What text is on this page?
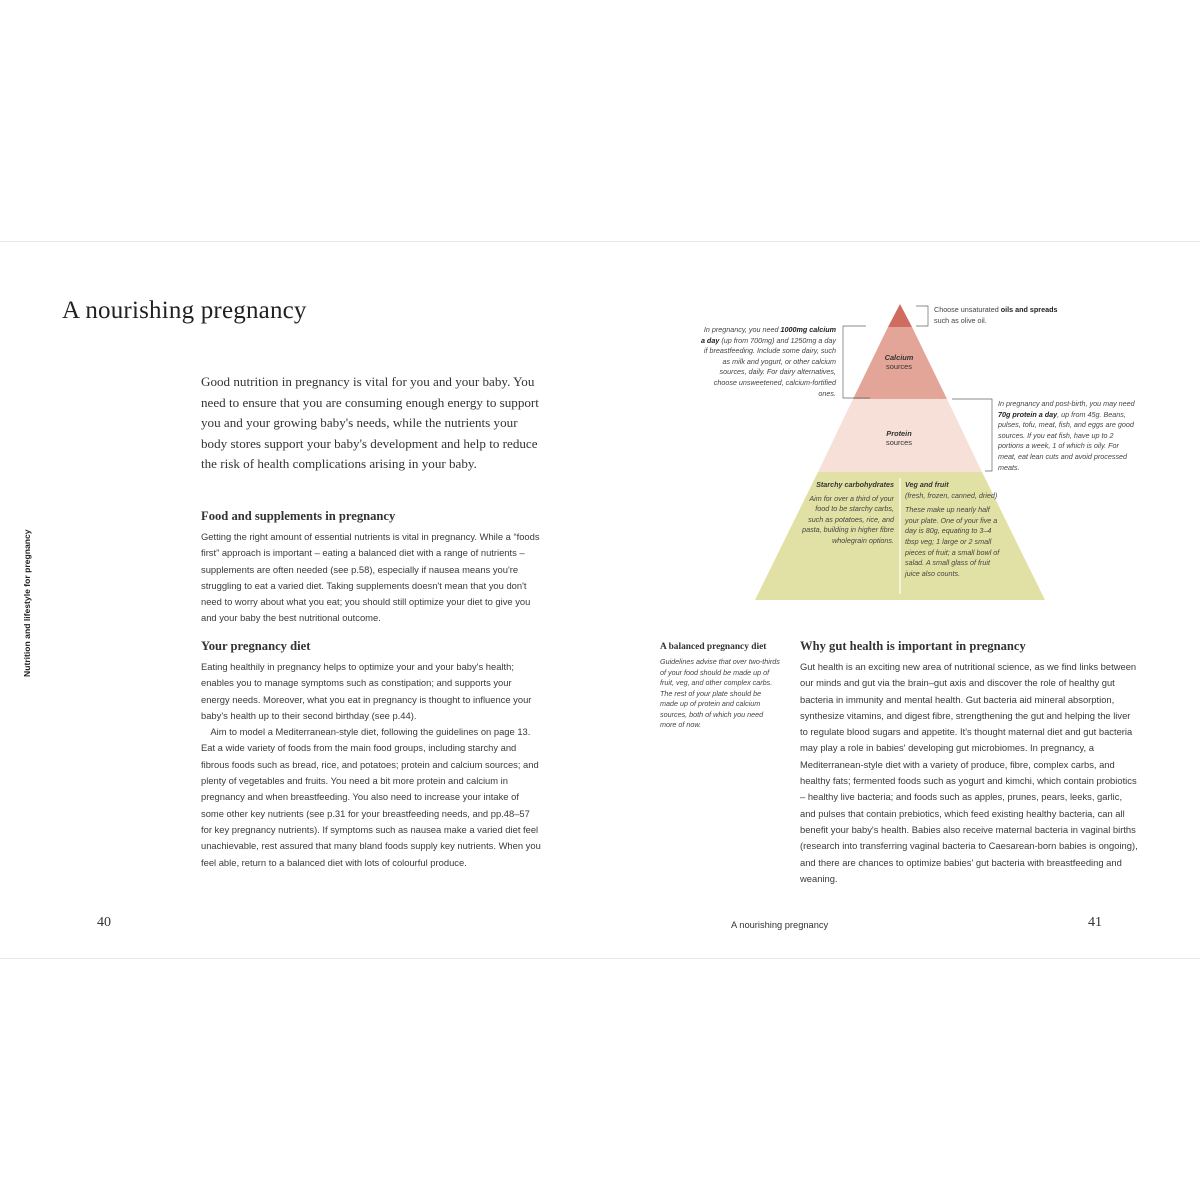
A nourishing pregnancy
Nutrition and lifestyle for pregnancy
Good nutrition in pregnancy is vital for you and your baby. You need to ensure that you are consuming enough energy to support you and your growing baby's needs, while the nutrients your body stores support your baby's development and help to reduce the risk of health complications arising in your baby.
Food and supplements in pregnancy

Getting the right amount of essential nutrients is vital in pregnancy. While a “foods first” approach is important – eating a balanced diet with a range of nutrients – supplements are often needed (see p.58), especially if nausea means you're struggling to eat a varied diet. Taking supplements doesn't mean that you don't need to worry about what you eat; you should still optimize your diet to give you and your baby the best nutritional outcome.

Your pregnancy diet

Eating healthily in pregnancy helps to optimize your and your baby's health; enables you to manage symptoms such as constipation; and supports your energy needs. Moreover, what you eat in pregnancy is thought to influence your baby's health up to their second birthday (see p.44).

Aim to model a Mediterranean-style diet, following the guidelines on page 13. Eat a wide variety of foods from the main food groups, including starchy and fibrous foods such as bread, rice, and potatoes; protein and calcium sources; and plenty of vegetables and fruits. You need a bit more protein and calcium in pregnancy and when breastfeeding. You also need to increase your intake of some other key nutrients (see p.31 for your breastfeeding needs, and pp.48–57 for key pregnancy nutrients). If symptoms such as nausea make a varied diet feel unachievable, rest assured that many bland foods supply key nutrients. When you feel able, return to a balanced diet with lots of colourful produce.

40
Choose unsaturated oils and spreads such as olive oil.
In pregnancy, you need 1000mg calcium a day (up from 700mg) and 1250mg a day if breastfeeding. Include some dairy, such as milk and yogurt, or other calcium sources, daily. For dairy alternatives, choose unsweetened, calcium-fortified ones.
In pregnancy and post-birth, you may need 70g protein a day, up from 45g. Beans, pulses, tofu, meat, fish, and eggs are good sources. If you eat fish, have up to 2 portions a week, 1 of which is oily. For meat, eat lean cuts and avoid processed meats.
Calcium
sources
Protein
sources
Starchy carbohydrates
Aim for over a third of your food to be starchy carbs, such as potatoes, rice, and pasta, building in higher fibre wholegrain options.
Veg and fruit
(fresh, frozen, canned, dried)
These make up nearly half your plate. One of your five a day is 80g, equating to 3–4 tbsp veg; 1 large or 2 small pieces of fruit; a small bowl of salad. A small glass of fruit juice also counts.
A balanced pregnancy diet
Guidelines advise that over two-thirds of your food should be made up of fruit, veg, and other complex carbs. The rest of your plate should be made up of protein and calcium sources, both of which you need more of now.
Why gut health is important in pregnancy

Gut health is an exciting new area of nutritional science, as we find links between our minds and gut via the brain–gut axis and discover the role of healthy gut bacteria in immunity and mental health. Gut bacteria aid mineral absorption, synthesize vitamins, and digest fibre, strengthening the gut and helping the liver to regulate blood sugars and appetite. It's thought maternal diet and gut bacteria may play a role in babies' developing gut microbiomes. In pregnancy, a Mediterranean-style diet with a variety of produce, fibre, complex carbs, and healthy fats; fermented foods such as yogurt and kimchi, which contain probiotics – healthy live bacteria; and foods such as apples, prunes, pears, leeks, garlic, and pulses that contain prebiotics, which feed existing healthy bacteria, can all benefit your baby's health. Babies also receive maternal bacteria in vaginal births (research into transferring vaginal bacteria to Caesarean-born babies is ongoing), and there are chances to optimize babies' gut bacteria with breastfeeding and weaning.

A nourishing pregnancy	41
